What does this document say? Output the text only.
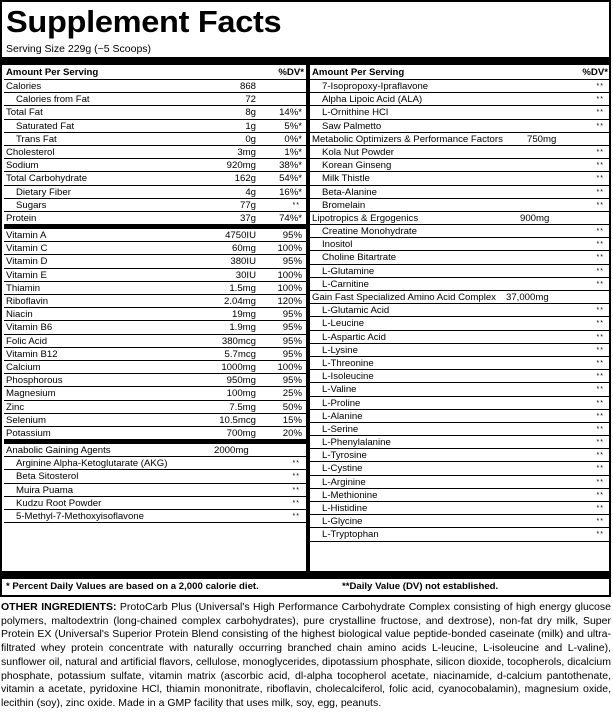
Supplement Facts
Serving Size 229g (~5 Scoops)
Amount Per Serving	%DV*
Calories	868
Calories from Fat	72
Total Fat	8g 14%*
Saturated Fat	1g	5%*
Trans Fat	0g	0%*
Cholesterol	3mg	1%*
Sodium	920mg 38%*
Total Carbohydrate	162g 54%*
Dietary Fiber	4g 16%*
Sugars	77g	**
Protein	37g 74%*
Vitamin A	4750IU	95%
Vitamin C	60mg 100%
Vitamin D	380IU	95%
Vitamin E	30IU 100%
Thiamin	1.5mg 100%
Riboflavin	2.04mg 120%
Niacin	19mg	95%
Vitamin B6	1.9mg	95%
Folic Acid	380mcg	95%
Vitamin B12	5.7mcg	95%
Calcium	1000mg 100%
Phosphorous	950mg	95%
Magnesium	100mg	25%
Zinc	7.5mg	50%
Selenium	10.5mcg	15%
Potassium	700mg	20%
Anabolic Gaining Agents	2000mg
Arginine Alpha-Ketoglutarate (AKG)	**
Beta Sitosterol	**
Muira Puama	**
Kudzu Root Powder	**
5-Methyl-7-Methoxyisoflavone	**
Amount Per Serving	%DV*
7-Isopropoxy-Ipraflavone	**
Alpha Lipoic Acid (ALA)	**
L-Ornithine HCl	**
Saw Palmetto	**
Metabolic Optimizers & Performance Factors	750mg
Kola Nut Powder	**
Korean Ginseng	**
Milk Thistle	**
Beta-Alanine	**
Bromelain	**
Lipotropics & Ergogenics	900mg
Creatine Monohydrate	**
Inositol	**
Choline Bitartrate	**
L-Glutamine	**
L-Carnitine	**
Gain Fast Specialized Amino Acid Complex 37,000mg
L-Glutamic Acid	**
L-Leucine	**
L-Aspartic Acid	**
L-Lysine	**
L-Threonine	**
L-Isoleucine	**
L-Valine	**
L-Proline	**
L-Alanine	**
L-Serine	**
L-Phenylalanine	**
L-Tyrosine	**
L-Cystine	**
L-Arginine	**
L-Methionine	**
L-Histidine	**
L-Glycine	**
L-Tryptophan	**
* Percent Daily Values are based on a 2,000 calorie diet.	**Daily Value (DV) not established.
OTHER INGREDIENTS: ProtoCarb Plus (Universal's High Performance Carbohydrate Complex consisting of high energy glucose polymers, maltodextrin (long-chained complex carbohydrates), pure crystalline fructose, and dextrose), non-fat dry milk, Super Protein EX (Universal's Superior Protein Blend consisting of the highest biological value peptide-bonded caseinate (milk) and ultra-filtrated whey protein concentrate with naturally occurring branched chain amino acids L-leucine, L-isoleucine and L-valine), sunflower oil, natural and artificial flavors, cellulose, monoglycerides, dipotassium phosphate, silicon dioxide, tocopherols, dicalcium phosphate, potassium sulfate, vitamin matrix (ascorbic acid, dl-alpha tocopherol acetate, niacinamide, d-calcium pantothenate, vitamin a acetate, pyridoxine HCl, thiamin mononitrate, riboflavin, cholecalciferol, folic acid, cyanocobalamin), magnesium oxide, lecithin (soy), zinc oxide. Made in a GMP facility that uses milk, soy, egg, peanuts.
